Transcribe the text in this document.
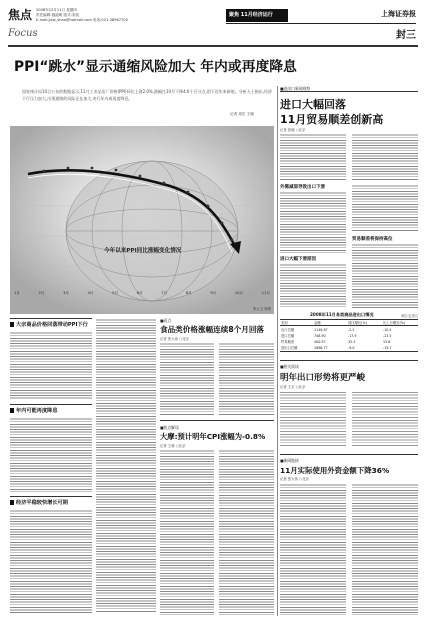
焦点
Focus
2008年12月11日 星期四
责任编辑:施福明 版式:宋凯
E-mail:jjxw_shao@hotmail.com 电话:021-38967700
聚焦 11月经济运行	上海证券报
封三
PPI“跳水”显示通缩风险加大 年内或再度降息
国家统计局10日公布的数据显示,11月工业品出厂价格(PPI)同比上涨2.0%,涨幅比10月下降4.6个百分点,创下近年来新低。分析人士指出,经济下行压力加大,出现通缩的风险正在加大,央行年内或再度降息。
记者 周宏 王晓
今年以来PPI同比涨幅变化情况
1月	2月	3月	4月	5月	6月	7月	8月	9月	10月	11月
张大卫 制图
大宗商品价格回落带动PPI下行
年内可能再度降息
经济平稳较快增长可期
■看点
食品类价格涨幅连续8个月回落
记者 张大伟 ○北京
■焦点解读
大摩:预计明年CPI涨幅为-0.8%
记者 王晓 ○北京
■进出口新闻观察
进口大幅回落
11月贸易顺差创新高
记者 彭晓 ○北京
外需减弱导致出口下滑
进口大幅下滑原因
贸易顺差将保持高位
2008年11月各类商品进出口情况	单位:亿美元
类别	金额	同比增长(%)	比上月增长(%)
出口总额	1149.87	-2.2	-10.5
进口总额	748.90	-17.9	-23.5
贸易顺差	400.97	35.3	13.6
进出口总额	1898.77	-9.0	-15.7
■相关阅读
明年出口形势将更严峻
记者 王宏 ○北京
■新闻链接
11月实际使用外资金额下降36%
记者 张大伟 ○北京
